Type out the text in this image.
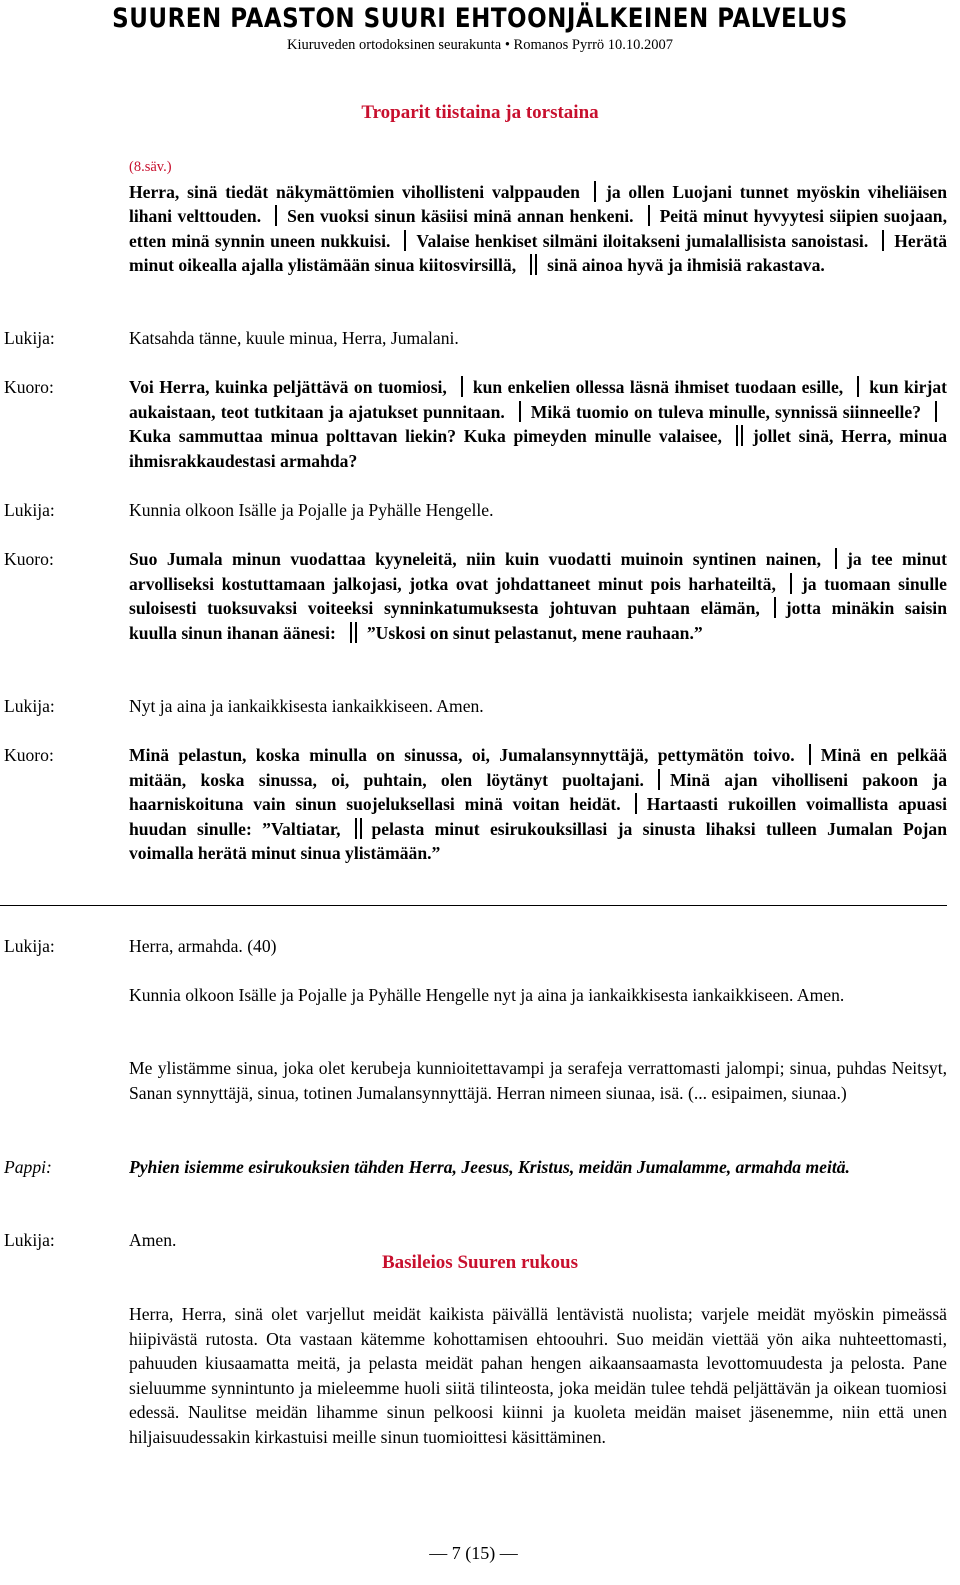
SUUREN PAASTON SUURI EHTOONJÄLKEINEN PALVELUS
Kiuruveden ortodoksinen seurakunta • Romanos Pyrrö 10.10.2007
Troparit tiistaina ja torstaina
(8.säv.)
Herra, sinä tiedät näkymättömien vihollisteni valppauden ja ollen Luojani tunnet myöskin viheliäisen lihani velttouden. Sen vuoksi sinun käsiisi minä annan henkeni. Peitä minut hyvyytesi siipien suojaan, etten minä synnin uneen nukkuisi. Valaise henkiset silmäni iloitakseni jumalallisista sanoistasi. Herätä minut oikealla ajalla ylistämään sinua kiitosvirsillä, sinä ainoa hyvä ja ihmisiä rakastava.
Lukija:	Katsahda tänne, kuule minua, Herra, Jumalani.
Kuoro:	Voi Herra, kuinka peljättävä on tuomiosi, kun enkelien ollessa läsnä ihmiset tuodaan esille, kun kirjat aukaistaan, teot tutkitaan ja ajatukset punnitaan. Mikä tuomio on tuleva minulle, synnissä siinneelle?Kuka sammuttaa minua polttavan liekin? Kuka pimeyden minulle valaisee, jollet sinä, Herra, minua ihmisrakkaudestasi armahda?
Lukija:	Kunnia olkoon Isälle ja Pojalle ja Pyhälle Hengelle.
Kuoro:	Suo Jumala minun vuodattaa kyyneleitä, niin kuin vuodatti muinoin syntinen nainen, ja tee minut arvolliseksi kostuttamaan jalkojasi, jotka ovat johdattaneet minut pois harhateiltä, ja tuomaan sinulle suloisesti tuoksuvaksi voiteeksi synninkatumuksesta johtuvan puhtaan elämän, jotta minäkin saisin kuulla sinun ihanan äänesi: ”Uskosi on sinut pelastanut, mene rauhaan.”
Lukija:	Nyt ja aina ja iankaikkisesta iankaikkiseen. Amen.
Kuoro:	Minä pelastun, koska minulla on sinussa, oi, Jumalansynnyttäjä, pettymätön toivo. Minä en pelkää mitään, koska sinussa, oi, puhtain, olen löytänyt puoltajani. Minä ajan viholliseni pakoon ja haarniskoituna vain sinun suojeluksellasi minä voitan heidät. Hartaasti rukoillen voimallista apuasi huudan sinulle: ”Valtiatar, pelasta minut esirukouksillasi ja sinusta lihaksi tulleen Jumalan Pojan voimalla herätä minut sinua ylistämään.”
Lukija:	Herra, armahda. (40)
Kunnia olkoon Isälle ja Pojalle ja Pyhälle Hengelle nyt ja aina ja iankaikkisesta iankaikkiseen. Amen.
Me ylistämme sinua, joka olet kerubeja kunnioitettavampi ja serafeja verrattomasti jalompi; sinua, puhdas Neitsyt, Sanan synnyttäjä, sinua, totinen Jumalansynnyttäjä. Herran nimeen siunaa, isä. (... esipaimen, siunaa.)
Pappi:	Pyhien isiemme esirukouksien tähden Herra, Jeesus, Kristus, meidän Jumalamme, armahda meitä.
Lukija:	Amen.
Basileios Suuren rukous
Herra, Herra, sinä olet varjellut meidät kaikista päivällä lentävistä nuolista; varjele meidät myöskin pimeässä hiipivästä rutosta. Ota vastaan kätemme kohottamisen ehtoouhri. Suo meidän viettää yön aika nuhteettomasti, pahuuden kiusaamatta meitä, ja pelasta meidät pahan hengen aikaansaamasta levottomuudesta ja pelosta. Pane sieluumme synnintunto ja mieleemme huoli siitä tilinteosta, joka meidän tulee tehdä peljättävän ja oikean tuomiosi edessä. Naulitse meidän lihamme sinun pelkoosi kiinni ja kuoleta meidän maiset jäsenemme, niin että unen hiljaisuudessakin kirkastuisi meille sinun tuomioittesi käsittäminen.
— 7 (15) —
